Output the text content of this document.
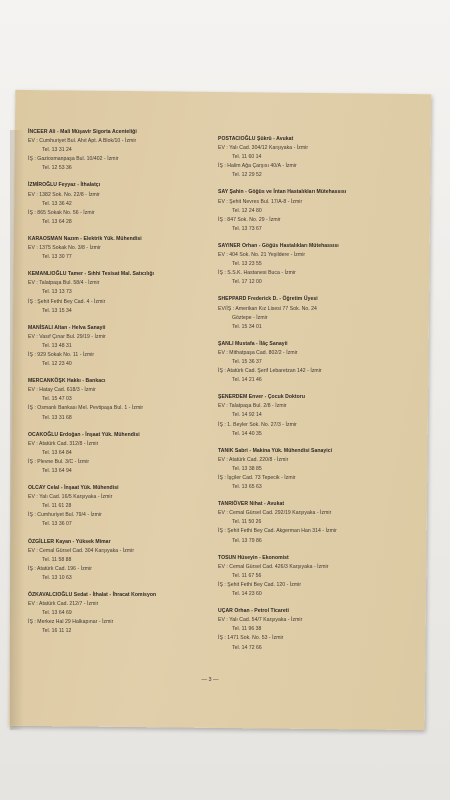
İNCEER Ali - Mali Müşavir Sigorta Acenteliği
EV : Cumhuriyet Bul. Ahıt Apt. A Blok/10 - İzmir
Tel. 13 31 24
İŞ : Gaziosmanpaşa Bul. 10/402 - İzmir
Tel. 12 53 36
İZMİROĞLU Feyyaz - İthalatçı
EV : 1382 Sok. No. 22/8 - İzmir
Tel. 13 36 42
İŞ : 865 Sokak No. 56 - İzmir
Tel. 13 64 28
KARAOSMAN Nazım - Elektrik Yük. Mühendisi
EV : 1375 Sokak No. 3/8 - İzmir
Tel. 13 30 77
KEMANLIOĞLU Tamer - Sıhhi Tesisat Mal. Satıcılığı
EV : Talatpaşa Bul. 58/4 - İzmir
Tel. 13 13 73
İŞ : Şehit Fethi Bey Cad. 4 - İzmir
Tel. 13 15 34
MANİSALI Altan - Helva Sanayii
EV : Vasıf Çınar Bul. 29/19 - İzmir
Tel. 13 48 31
İŞ : 929 Sokak No. 11 - İzmir
Tel. 12 23 40
MERCANKÖŞK Hakkı - Bankacı
EV : Hatay Cad. 618/3 - İzmir
Tel. 15 47 03
İŞ : Osmanlı Bankası Mel. Pevtipaşa Bul. 1 - İzmir
Tel. 13 31 68
OCAKOĞLU Erdoğan - İnşaat Yük. Mühendisi
EV : Atatürk Cad. 312/8 - İzmir
Tel. 13 64 84
İŞ : Plevne Bul. 3/C - İzmir
Tel. 13 64 94
OLCAY Celal - İnşaat Yük. Mühendisi
EV : Yalı Cad. 16/5 Karşıyaka - İzmir
Tel. 11 61 28
İŞ : Cumhuriyet Bul. 79/4 - İzmir
Tel. 13 36 07
ÖZGİLLER Kayan - Yüksek Mimar
EV : Cemal Gürsel Cad. 304 Karşıyaka - İzmir
Tel. 11 58 88
İŞ : Atatürk Cad. 196 - İzmir
Tel. 13 10 63
ÖZKAVALCIOĞLU Sedat - İthalat - İhracat Komisyon
EV : Atatürk Cad. 212/7 - İzmir
Tel. 13 64 69
İŞ : Merkez Hal 29 Halkapınar - İzmir
Tel. 16 11 12
POSTACIOĞLU Şükrü - Avukat
EV : Yalı Cad. 304/12 Karşıyaka - İzmir
Tel. 11 60 14
İŞ : Halim Ağa Çarşısı 40/A - İzmir
Tel. 12 29 52
SAY Şahin - Göğüs ve İntan Hastalıkları Mütehassısı
EV : Şehit Nevres Bul. 17/A-8 - İzmir
Tel. 12 24 80
İŞ : 847 Sok. No. 29 - İzmir
Tel. 13 73 67
SAYINER Orhan - Göğüs Hastalıkları Mütehassısı
EV : 404 Sok. No. 21 Yeşildere - İzmir
Tel. 13 23 55
İŞ : S.S.K. Hastanesi Buca - İzmir
Tel. 17 12 00
SHEPPARD Frederick D. - Öğretim Üyesi
EV/İŞ : Amerikan Kız Lisesi 77 Sok. No. 24
Göztepe - İzmir
Tel. 15 34 01
ŞANLI Mustafa - İlâç Sanayii
EV : Mithatpaşa Cad. 802/2 - İzmir
Tel. 15 36 37
İŞ : Atatürk Cad. Şerif Lebaretzan 142 - İzmir
Tel. 14 21 46
ŞENERDEM Enver - Çocuk Doktoru
EV : Talatpaşa Bul. 2/8 - İzmir
Tel. 14 92 14
İŞ : 1. Beyler Sok. No. 27/3 - İzmir
Tel. 14 40 35
TANIK Sabri - Makina Yük. Mühendisi Sanayici
EV : Atatürk Cad. 220/8 - İzmir
Tel. 13 38 85
İŞ : İşçiler Cad. 73 Tepecik - İzmir
Tel. 13 65 63
TANRIÖVER Nihat - Avukat
EV : Cemal Gürsel Cad. 292/19 Karşıyaka - İzmir
Tel. 11 50 26
İŞ : Şehit Fethi Bey Cad. Akgerman Han 314 - İzmir
Tel. 13 79 86
TOSUN Hüseyin - Ekonomist
EV : Cemal Gürsel Cad. 426/3 Karşıyaka - İzmir
Tel. 11 67 56
İŞ : Şehit Fethi Bey Cad. 120 - İzmir
Tel. 14 23 60
UÇAR Orhan - Petrol Ticareti
EV : Yalı Cad. 54/7 Karşıyaka - İzmir
Tel. 11 96 38
İŞ : 1471 Sok. No. 53 - İzmir
Tel. 14 72 66
— 3 —
